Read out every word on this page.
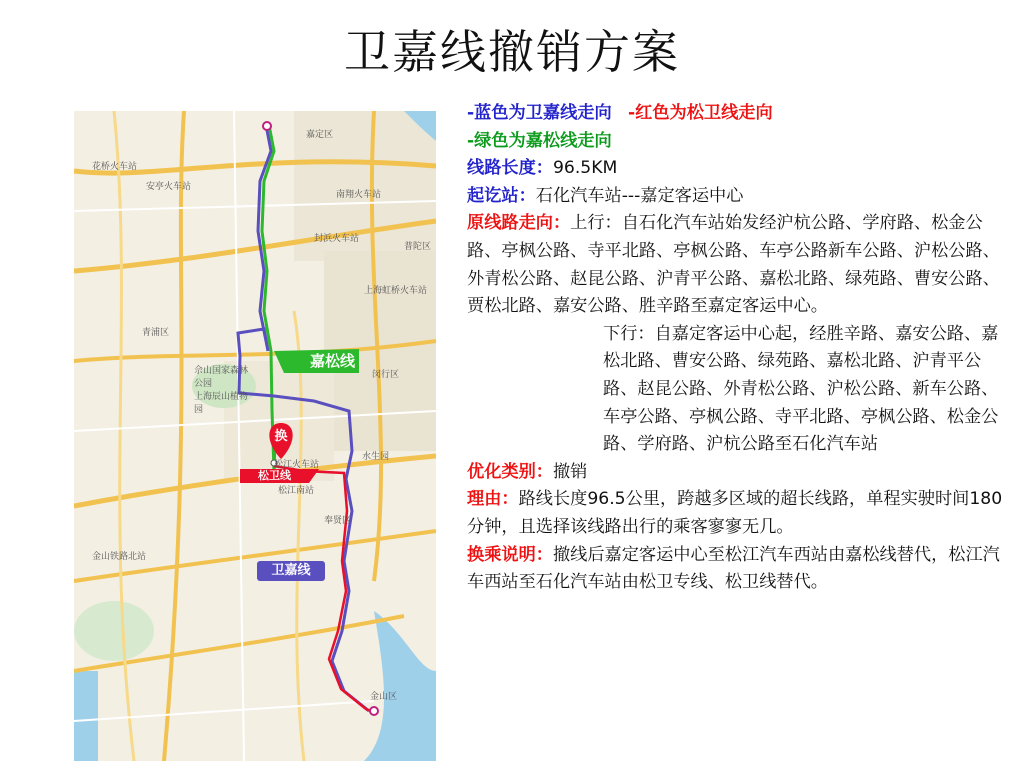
卫嘉线撤销方案
嘉松线
松卫线
卫嘉线
换
嘉定区
安亭火车站
花桥火车站
南翔火车站
封浜火车站
普陀区
上海虹桥火车站
青浦区
佘山国家森林公园
上海辰山植物园
松江火车站
松江南站
闵行区
水生园
奉贤区
金山铁路北站
金山区

-蓝色为卫嘉线走向 -红色为松卫线走向

-绿色为嘉松线走向

线路长度：96.5KM

起讫站：石化汽车站---嘉定客运中心

原线路走向：上行：自石化汽车站始发经沪杭公路、学府路、松金公路、亭枫公路、寺平北路、亭枫公路、车亭公路新车公路、沪松公路、外青松公路、赵昆公路、沪青平公路、嘉松北路、绿苑路、曹安公路、贾松北路、嘉安公路、胜辛路至嘉定客运中心。

下行：自嘉定客运中心起，经胜辛路、嘉安公路、嘉松北路、曹安公路、绿苑路、嘉松北路、沪青平公路、赵昆公路、外青松公路、沪松公路、新车公路、车亭公路、亭枫公路、寺平北路、亭枫公路、松金公路、学府路、沪杭公路至石化汽车站

优化类别：撤销

理由：路线长度96.5公里，跨越多区域的超长线路，单程实驶时间180分钟，且选择该线路出行的乘客寥寥无几。

换乘说明：撤线后嘉定客运中心至松江汽车西站由嘉松线替代，松江汽车西站至石化汽车站由松卫专线、松卫线替代。
